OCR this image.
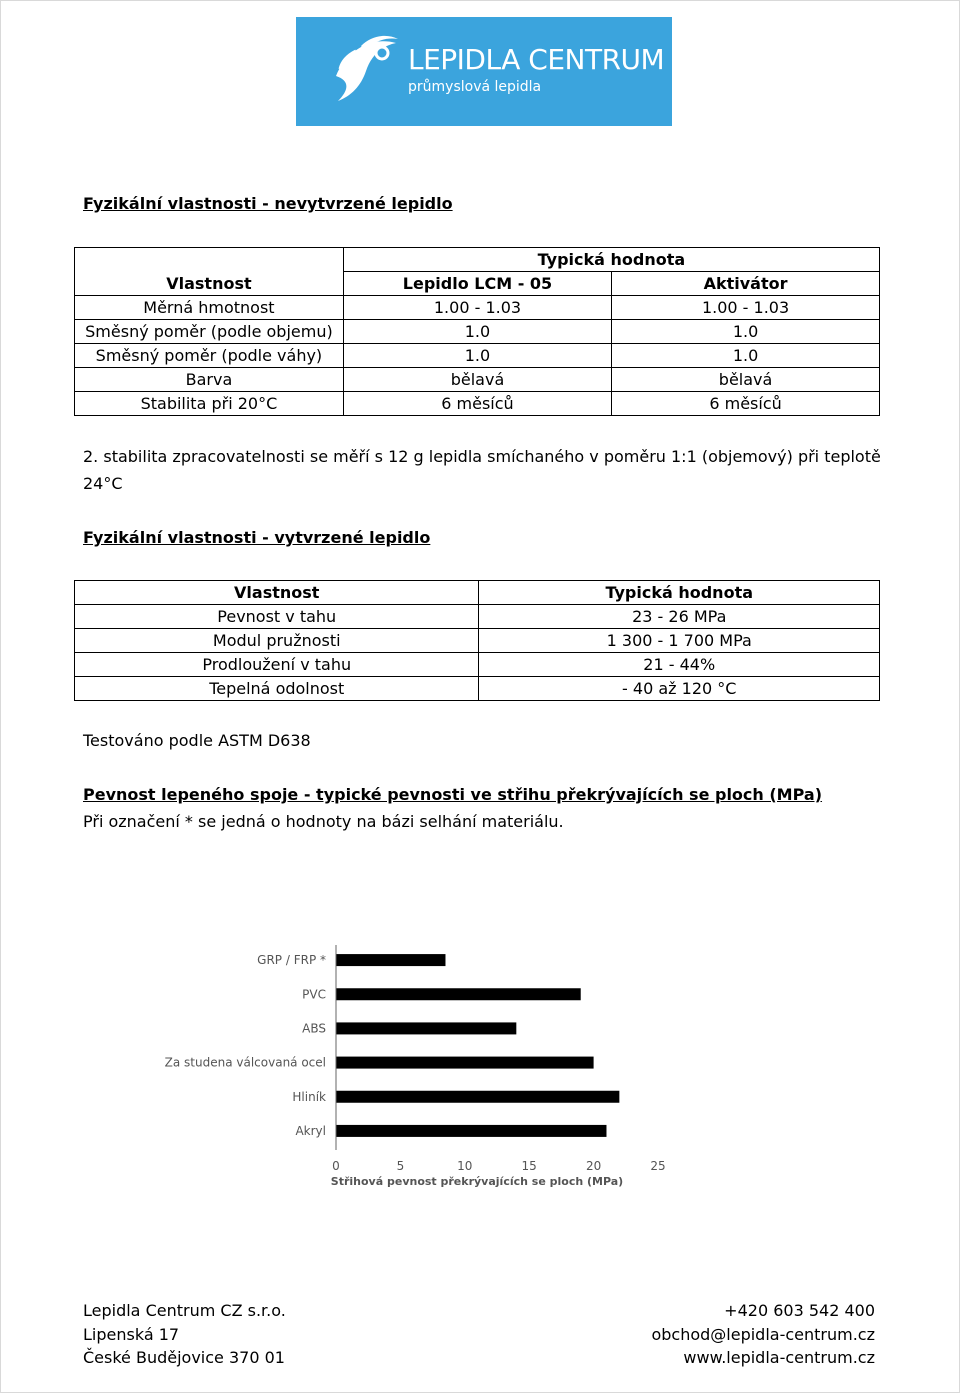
LEPIDLA CENTRUM
průmyslová lepidla
Fyzikální vlastnosti - nevytvrzené lepidlo
	Typická hodnota	
Vlastnost	Lepidlo LCM - 05	Aktivátor
Měrná hmotnost	1.00 - 1.03	1.00 - 1.03
Směsný poměr (podle objemu)	1.0	1.0
Směsný poměr (podle váhy)	1.0	1.0
Barva	bělavá	bělavá
Stabilita při 20°C	6 měsíců	6 měsíců
2. stabilita zpracovatelnosti se měří s 12 g lepidla smíchaného v poměru 1:1 (objemový) při teplotě
24°C
Fyzikální vlastnosti - vytvrzené lepidlo
Vlastnost	Typická hodnota
Pevnost v tahu	23 - 26 MPa
Modul pružnosti	1 300 - 1 700 MPa
Prodloužení v tahu	21 - 44%
Tepelná odolnost	- 40 až 120 °C
Testováno podle ASTM D638
Pevnost lepeného spoje - typické pevnosti ve střihu překrývajících se ploch (MPa)
Při označení * se jedná o hodnoty na bázi selhání materiálu.
GRP / FRP *
PVC
ABS
Za studena válcovaná ocel
Hliník
Akryl
0	5	10	15	20	25
Střihová pevnost překrývajících se ploch (MPa)
Lepidla Centrum CZ s.r.o.
Lipenská 17
České Budějovice 370 01
+420 603 542 400
obchod@lepidla-centrum.cz
www.lepidla-centrum.cz
